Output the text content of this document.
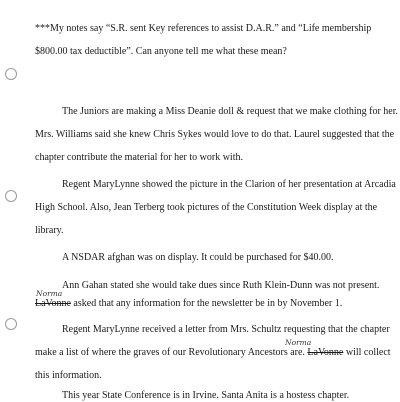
***My notes say “S.R. sent Key references to assist D.A.R.” and “Life membership
$800.00 tax deductible”. Can anyone tell me what these mean?
The Juniors are making a Miss Deanie doll & request that we make clothing for her.
Mrs. Williams said she knew Chris Sykes would love to do that. Laurel suggested that the
chapter contribute the material for her to work with.
Regent MaryLynne showed the picture in the Clarion of her presentation at Arcadia
High School. Also, Jean Terberg took pictures of the Constitution Week display at the
library.
A NSDAR afghan was on display. It could be purchased for $40.00.
Ann Gahan stated she would take dues since Ruth Klein-Dunn was not present.
Norma
LaVonne asked that any information for the newsletter be in by November 1.
Regent MaryLynne received a letter from Mrs. Schultz requesting that the chapter
Norma
make a list of where the graves of our Revolutionary Ancestors are. LaVonne will collect
this information.
This year State Conference is in Irvine. Santa Anita is a hostess chapter.
